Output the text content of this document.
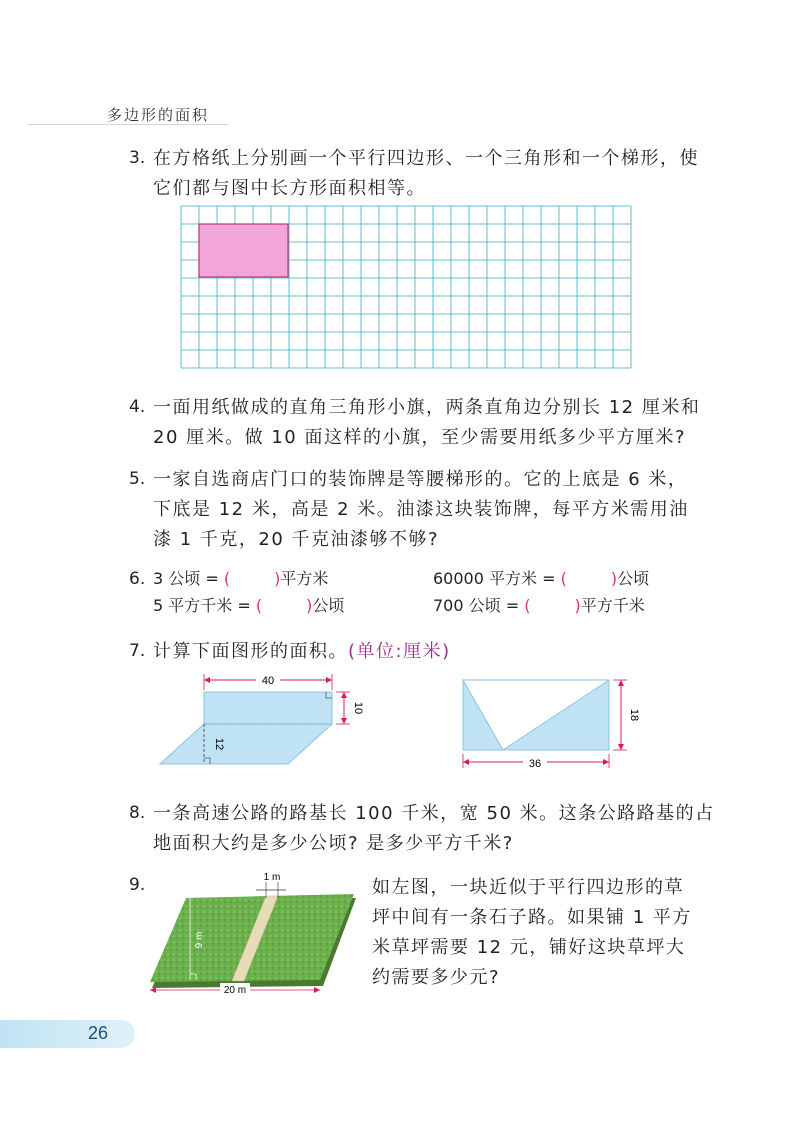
多边形的面积
3. 在方格纸上分别画一个平行四边形、一个三角形和一个梯形，使
它们都与图中长方形面积相等。
4. 一面用纸做成的直角三角形小旗，两条直角边分别长 12 厘米和
20 厘米。做 10 面这样的小旗，至少需要用纸多少平方厘米?
5. 一家自选商店门口的装饰牌是等腰梯形的。它的上底是 6 米，
下底是 12 米，高是 2 米。油漆这块装饰牌，每平方米需用油
漆 1 千克，20 千克油漆够不够?
6. 3 公顷 = (	)平方米	60000 平方米 = (	)公顷
5 平方千米 = (	)公顷	700 公顷 = (	)平方千米
7. 计算下面图形的面积。(单位:厘米)
40
10
12
18
36
8. 一条高速公路的路基长 100 千米，宽 50 米。这条公路路基的占
地面积大约是多少公顷? 是多少平方千米?
9.	1 m
9 m
20 m
如左图，一块近似于平行四边形的草
坪中间有一条石子路。如果铺 1 平方
米草坪需要 12 元，铺好这块草坪大
约需要多少元?
26
